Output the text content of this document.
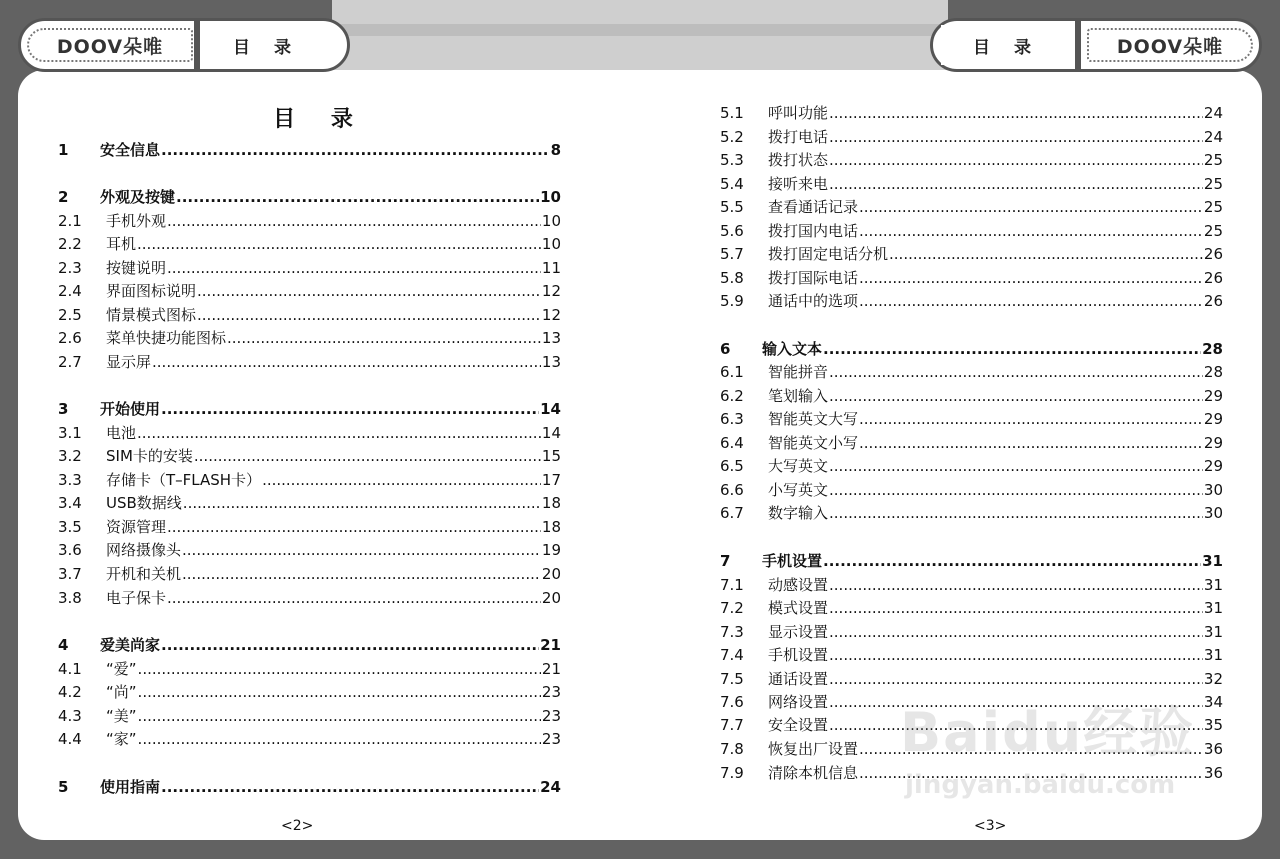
DOOV朵唯	目录	目录	DOOV朵唯
目 录
1	安全信息 .....	8
2	外观及按键 .....	10
2.1	手机外观 .....	10
2.2	耳机 .....	10
2.3	按键说明 .....	11
2.4	界面图标说明 .....	12
2.5	情景模式图标 .....	12
2.6	菜单快捷功能图标 .....	13
2.7	显示屏 .....	13
3	开始使用 .....	14
3.1	电池 .....	14
3.2	SIM卡的安装 .....	15
3.3	存储卡（T–FLASH卡） .....	17
3.4	USB数据线 .....	18
3.5	资源管理 .....	18
3.6	网络摄像头 .....	19
3.7	开机和关机 .....	20
3.8	电子保卡 .....	20
4	爱美尚家 .....	21
4.1	“爱” .....	21
4.2	“尚” .....	23
4.3	“美” .....	23
4.4	“家” .....	23
5	使用指南 .....	24
5.1	呼叫功能 .....	24
5.2	拨打电话 .....	24
5.3	拨打状态 .....	25
5.4	接听来电 .....	25
5.5	查看通话记录 .....	25
5.6	拨打国内电话 .....	25
5.7	拨打固定电话分机 .....	26
5.8	拨打国际电话 .....	26
5.9	通话中的选项 .....	26
6	输入文本 .....	28
6.1	智能拼音 .....	28
6.2	笔划输入 .....	29
6.3	智能英文大写 .....	29
6.4	智能英文小写 .....	29
6.5	大写英文 .....	29
6.6	小写英文 .....	30
6.7	数字输入 .....	30
7	手机设置 .....	31
7.1	动感设置 .....	31
7.2	模式设置 .....	31
7.3	显示设置 .....	31
7.4	手机设置 .....	31
7.5	通话设置 .....	32
7.6	网络设置 .....	34
7.7	安全设置 .....	35
7.8	恢复出厂设置 .....	36
7.9	清除本机信息 .....	36
<2>	<3>
Baidu经验
jingyan.baidu.com
